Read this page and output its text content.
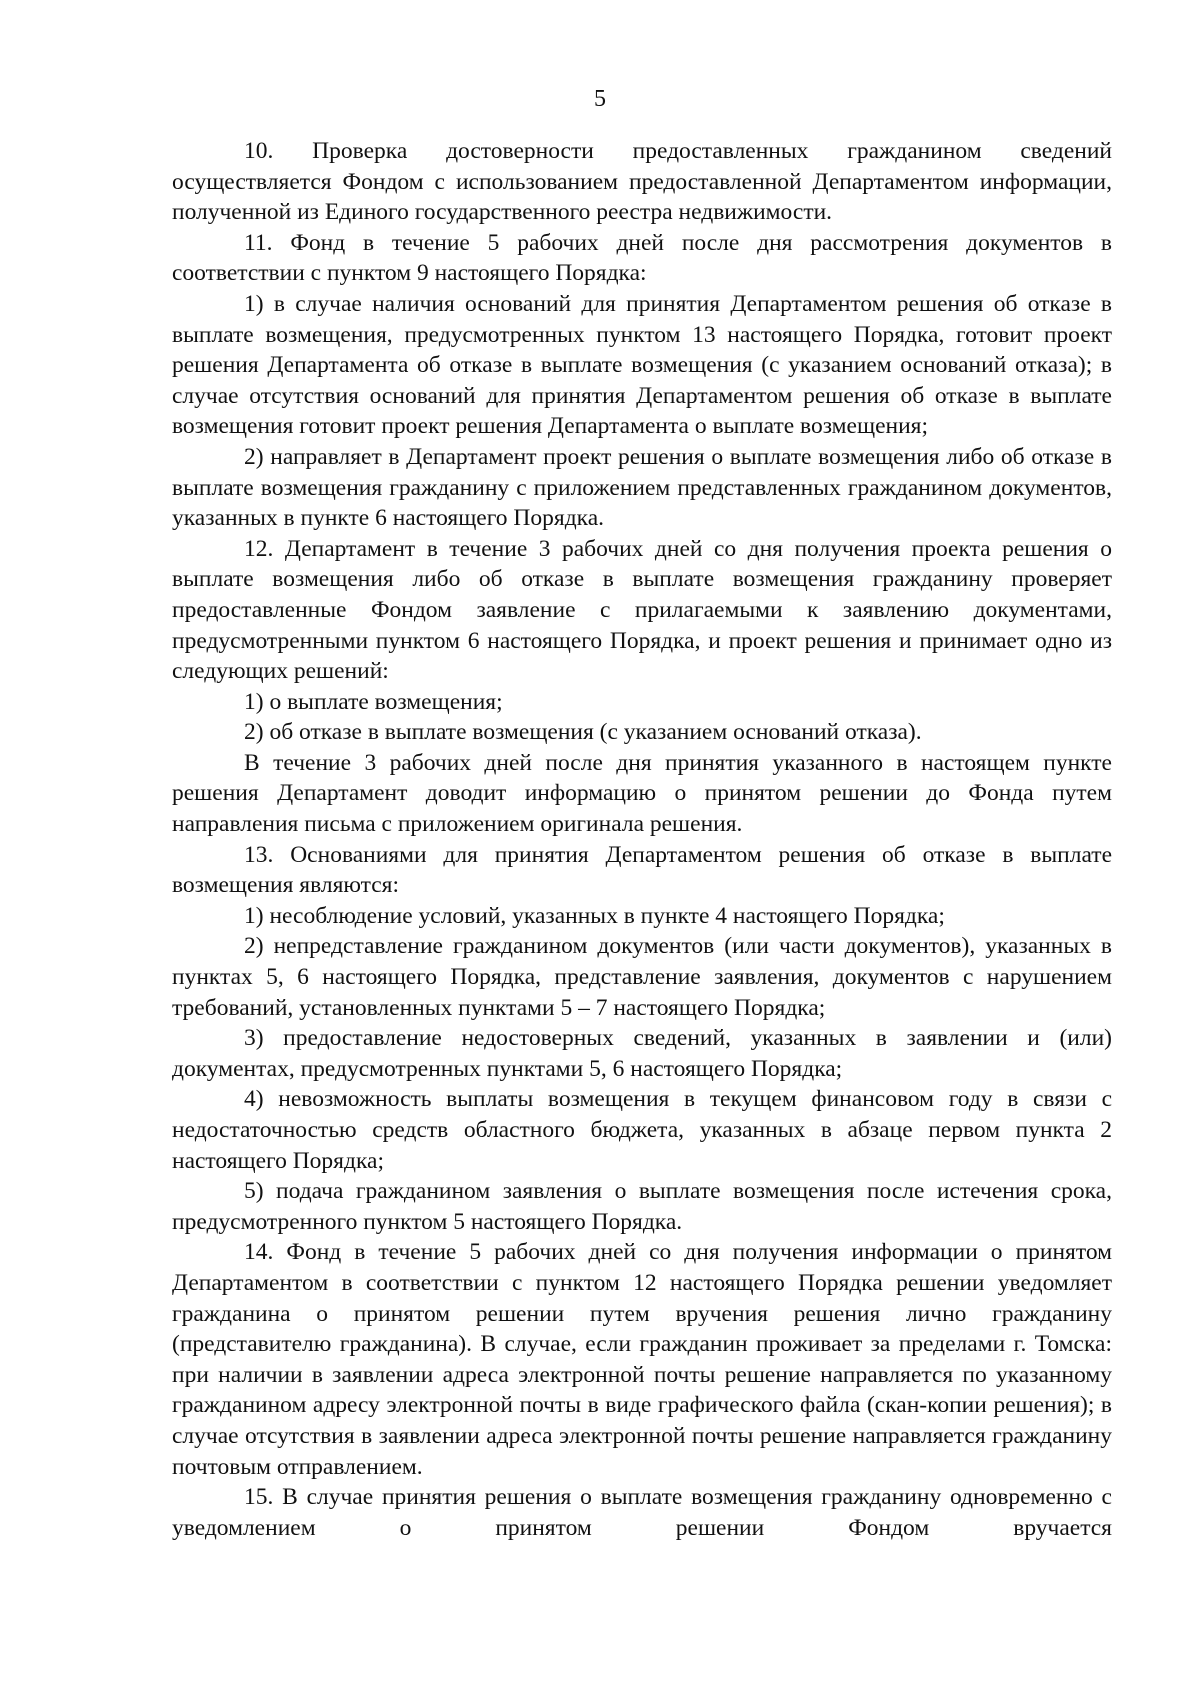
5

10. Проверка достоверности предоставленных гражданином сведений осуществляется Фондом с использованием предоставленной Департаментом информации, полученной из Единого государственного реестра недвижимости.

11. Фонд в течение 5 рабочих дней после дня рассмотрения документов в соответствии с пунктом 9 настоящего Порядка:

1) в случае наличия оснований для принятия Департаментом решения об отказе в выплате возмещения, предусмотренных пунктом 13 настоящего Порядка, готовит проект решения Департамента об отказе в выплате возмещения (с указанием оснований отказа); в случае отсутствия оснований для принятия Департаментом решения об отказе в выплате возмещения готовит проект решения Департамента о выплате возмещения;

2) направляет в Департамент проект решения о выплате возмещения либо об отказе в выплате возмещения гражданину с приложением представленных гражданином документов, указанных в пункте 6 настоящего Порядка.

12. Департамент в течение 3 рабочих дней со дня получения проекта решения о выплате возмещения либо об отказе в выплате возмещения гражданину проверяет предоставленные Фондом заявление с прилагаемыми к заявлению документами, предусмотренными пунктом 6 настоящего Порядка, и проект решения и принимает одно из следующих решений:

1) о выплате возмещения;

2) об отказе в выплате возмещения (с указанием оснований отказа).

В течение 3 рабочих дней после дня принятия указанного в настоящем пункте решения Департамент доводит информацию о принятом решении до Фонда путем направления письма с приложением оригинала решения.

13. Основаниями для принятия Департаментом решения об отказе в выплате возмещения являются:

1) несоблюдение условий, указанных в пункте 4 настоящего Порядка;

2) непредставление гражданином документов (или части документов), указанных в пунктах 5, 6 настоящего Порядка, представление заявления, документов с нарушением требований, установленных пунктами 5 – 7 настоящего Порядка;

3) предоставление недостоверных сведений, указанных в заявлении и (или) документах, предусмотренных пунктами 5, 6 настоящего Порядка;

4) невозможность выплаты возмещения в текущем финансовом году в связи с недостаточностью средств областного бюджета, указанных в абзаце первом пункта 2 настоящего Порядка;

5) подача гражданином заявления о выплате возмещения после истечения срока, предусмотренного пунктом 5 настоящего Порядка.

14. Фонд в течение 5 рабочих дней со дня получения информации о принятом Департаментом в соответствии с пунктом 12 настоящего Порядка решении уведомляет гражданина о принятом решении путем вручения решения лично гражданину (представителю гражданина). В случае, если гражданин проживает за пределами г. Томска: при наличии в заявлении адреса электронной почты решение направляется по указанному гражданином адресу электронной почты в виде графического файла (скан-копии решения); в случае отсутствия в заявлении адреса электронной почты решение направляется гражданину почтовым отправлением.

15. В случае принятия решения о выплате возмещения гражданину одновременно с уведомлением о принятом решении Фондом вручается
